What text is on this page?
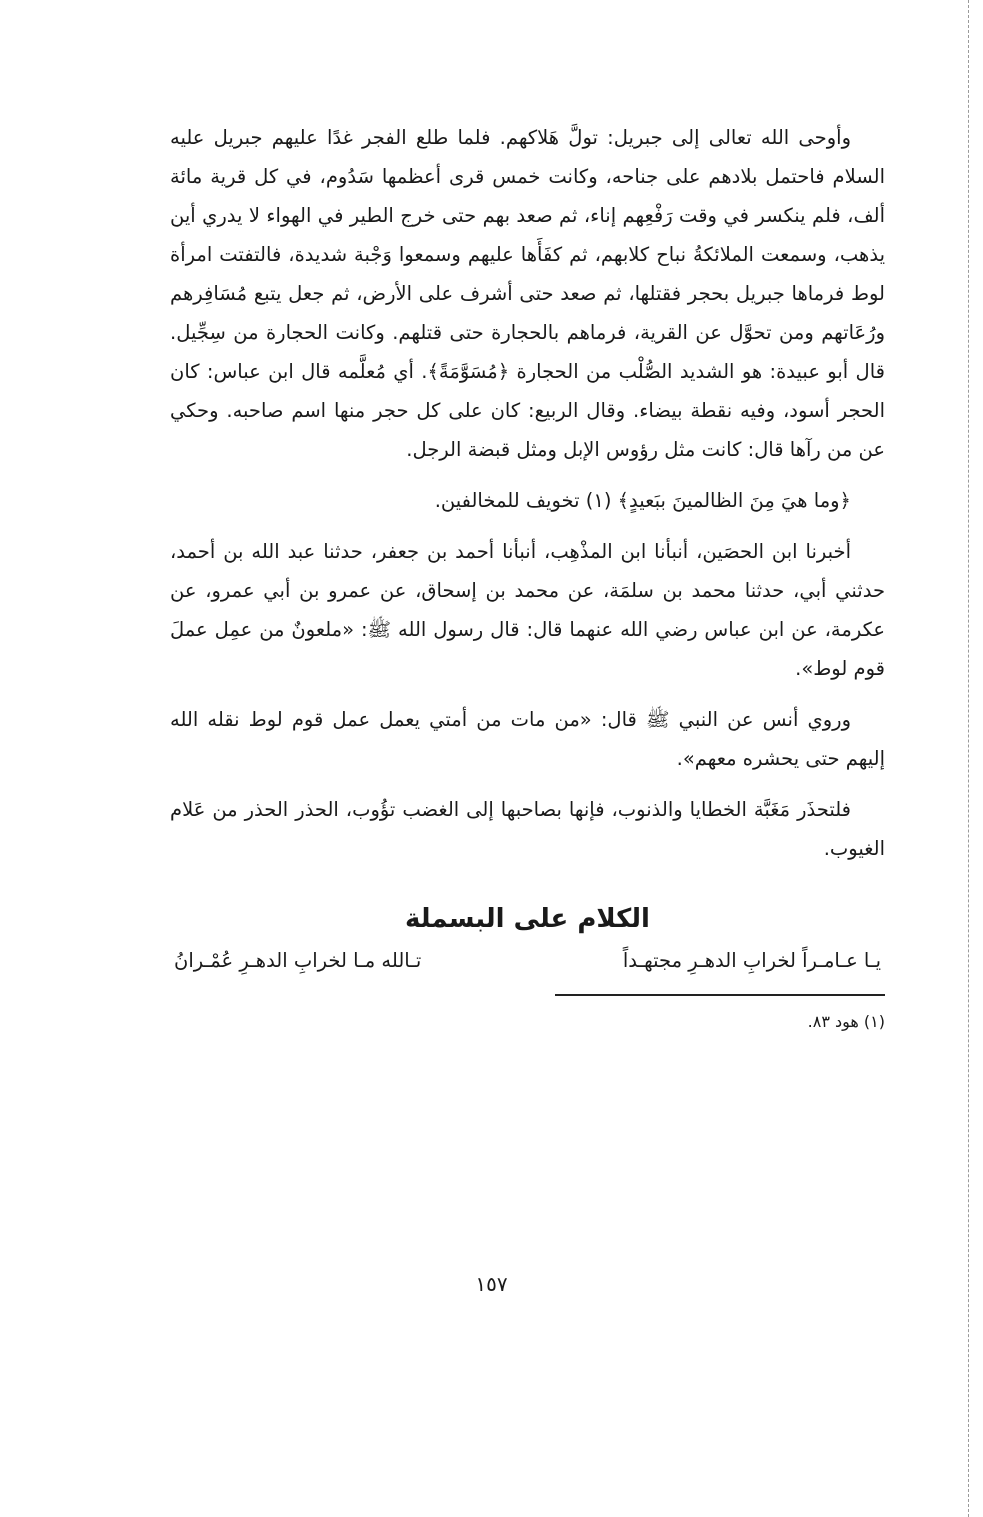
وأوحى الله تعالى إلى جبريل: تولَّ هَلاكهم. فلما طلع الفجر غدًا عليهم جبريل عليه السلام فاحتمل بلادهم على جناحه، وكانت خمس قرى أعظمها سَدُوم، في كل قرية مائة ألف، فلم ينكسر في وقت رَفْعِهم إناء، ثم صعد بهم حتى خرج الطير في الهواء لا يدري أين يذهب، وسمعت الملائكةُ نباح كلابهم، ثم كفَأَها عليهم وسمعوا وَجْبة شديدة، فالتفتت امرأة لوط فرماها جبريل بحجر فقتلها، ثم صعد حتى أشرف على الأرض، ثم جعل يتبع مُسَافِرهم ورُعَاتهم ومن تحوَّل عن القرية، فرماهم بالحجارة حتى قتلهم. وكانت الحجارة من سِجِّيل. قال أبو عبيدة: هو الشديد الصُّلْب من الحجارة ﴿مُسَوَّمَةً﴾. أي مُعلَّمه قال ابن عباس: كان الحجر أسود، وفيه نقطة بيضاء. وقال الربيع: كان على كل حجر منها اسم صاحبه. وحكي عن من رآها قال: كانت مثل رؤوس الإبل ومثل قبضة الرجل.

﴿وما هيَ مِنَ الظالمينَ ببَعيدٍ﴾ (١) تخويف للمخالفين.

أخبرنا ابن الحصَين، أنبأنا ابن المذْهِب، أنبأنا أحمد بن جعفر، حدثنا عبد الله بن أحمد، حدثني أبي، حدثنا محمد بن سلمَة، عن محمد بن إسحاق، عن عمرو بن أبي عمرو، عن عكرمة، عن ابن عباس رضي الله عنهما قال: قال رسول الله ﷺ: «ملعونٌ من عمِل عملَ قوم لوط».

وروي أنس عن النبي ﷺ قال: «من مات من أمتي يعمل عمل قوم لوط نقله الله إليهم حتى يحشره معهم».

فلتحذَر مَغَبَّة الخطايا والذنوب، فإنها بصاحبها إلى الغضب تؤُوب، الحذر الحذر من عَلام الغيوب.

الكلام على البسملة
يـا عـامـراً لخرابِ الدهـرِ مجتهـداً
تـالله مـا لخرابِ الدهـرِ عُمْـرانُ
(١) هود ٨٣.
١٥٧
